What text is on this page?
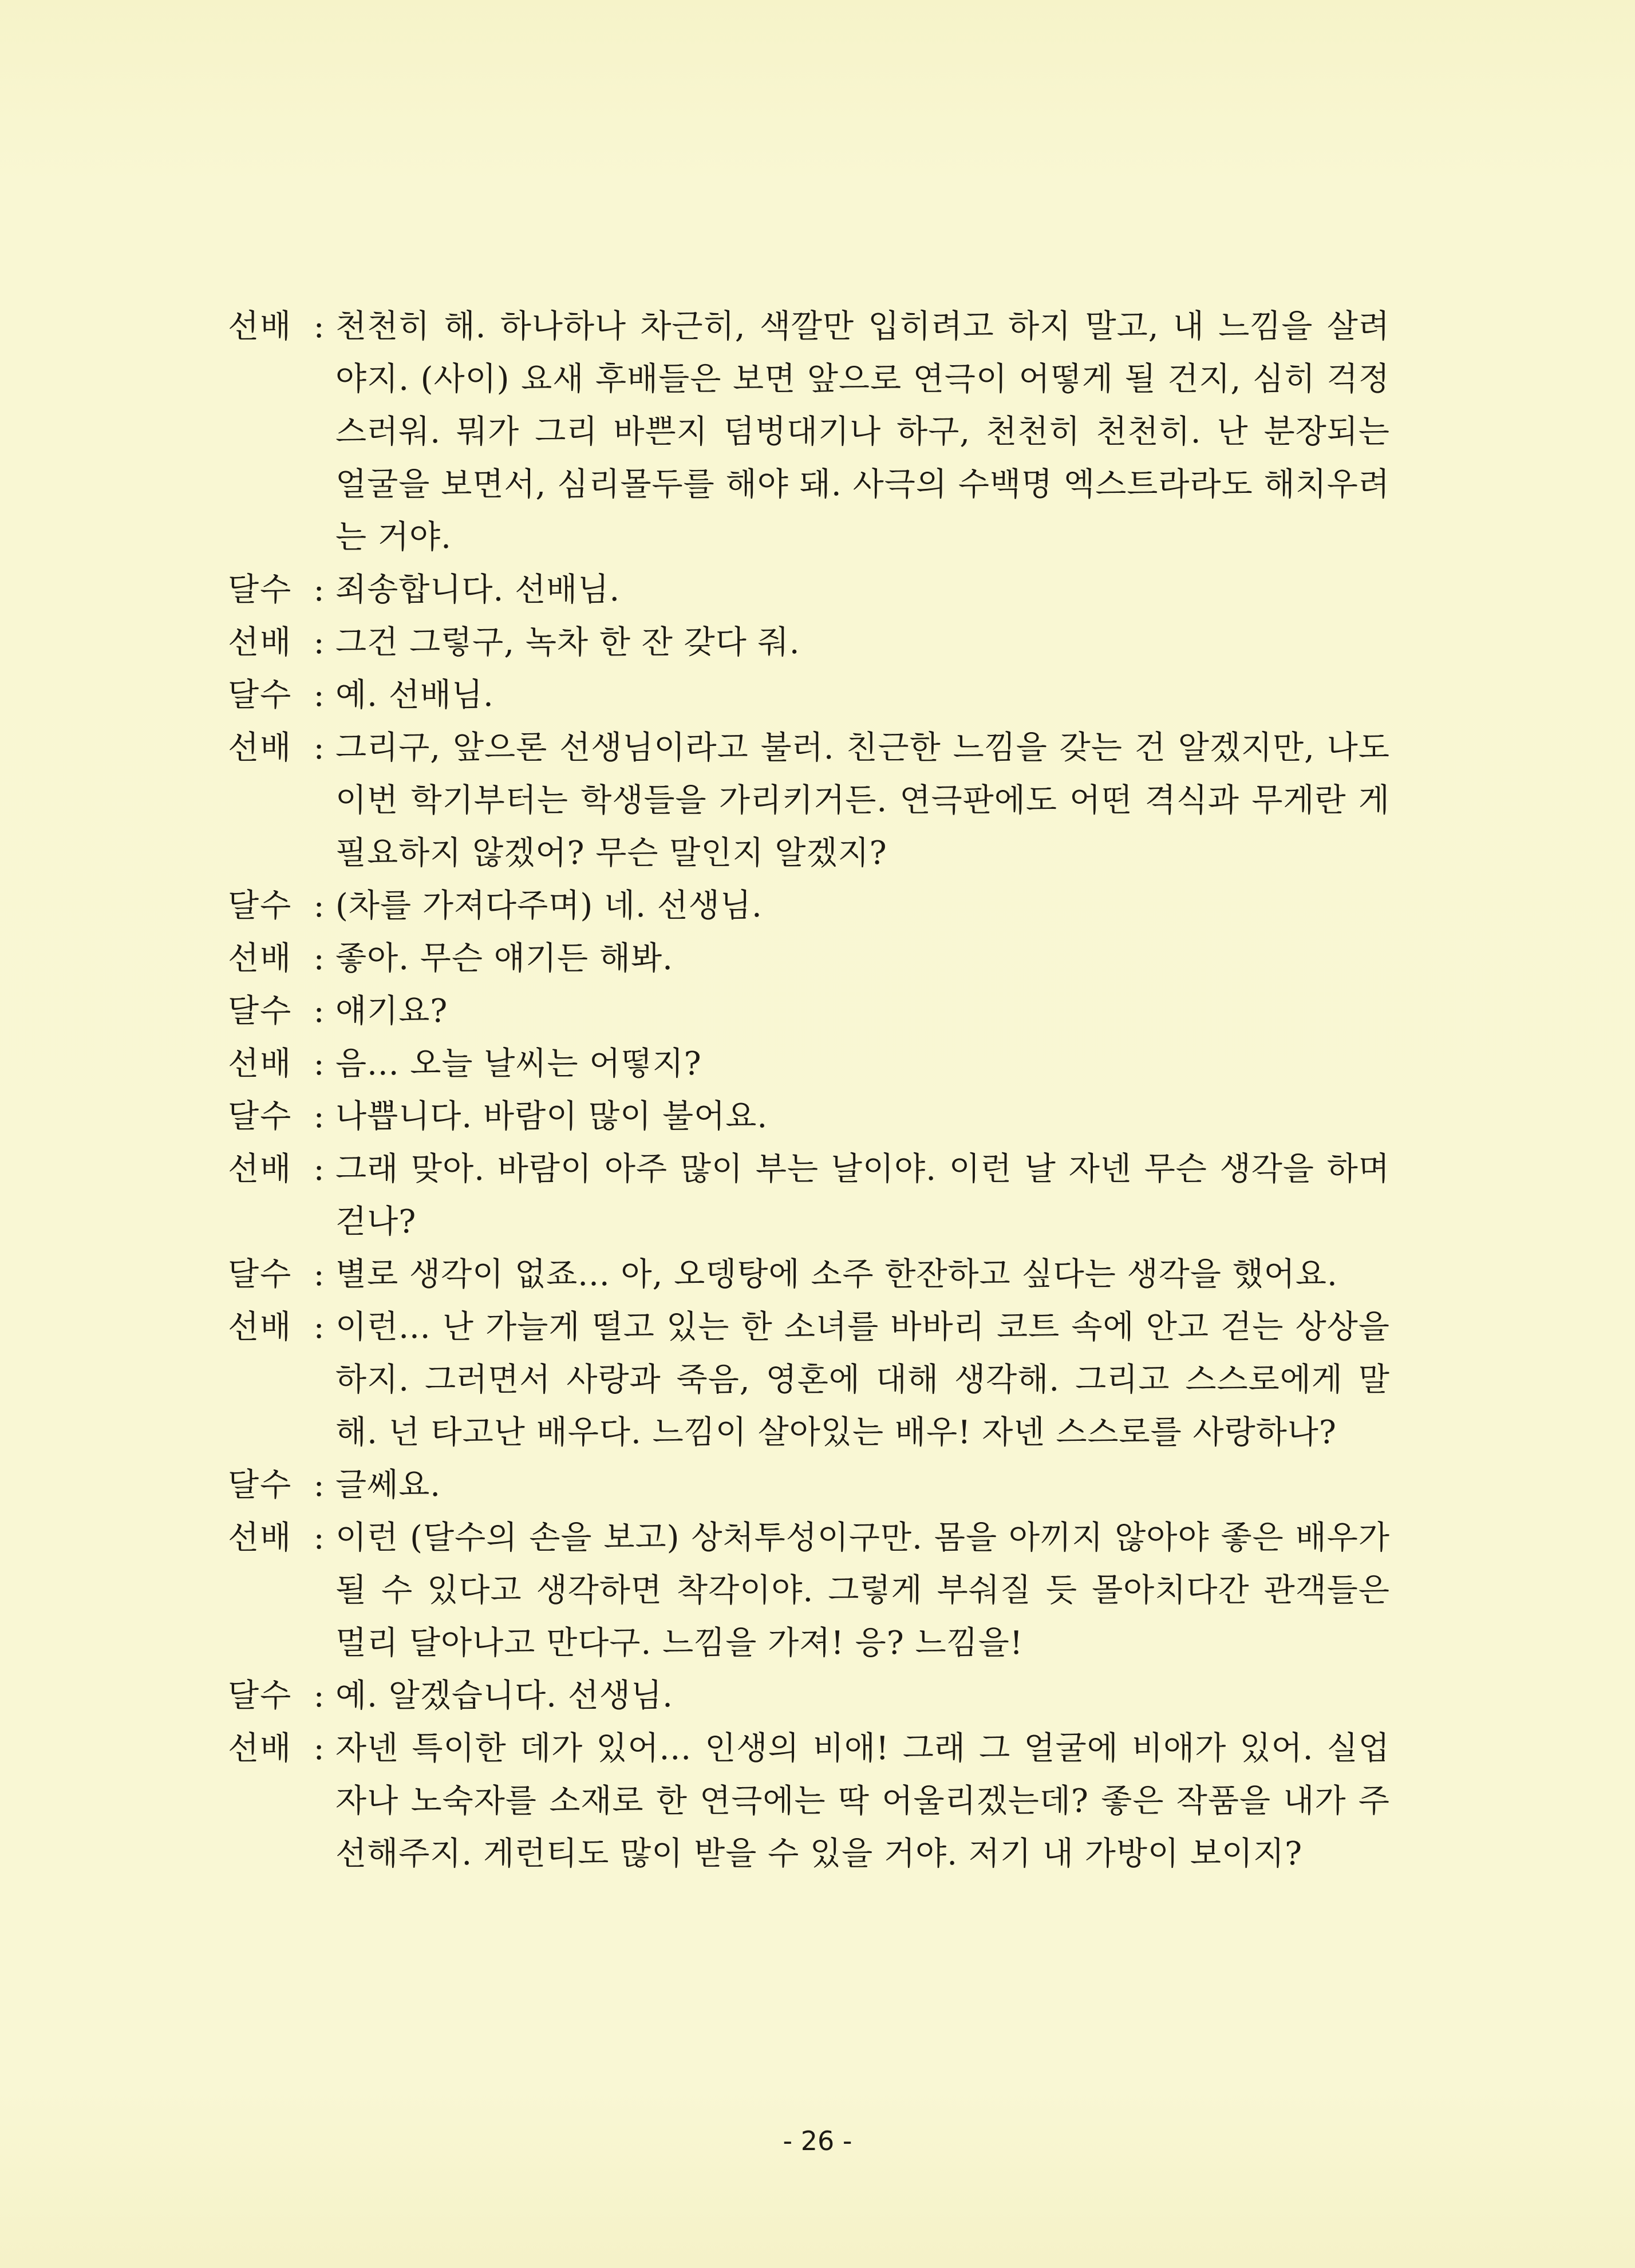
선배 : 천천히 해. 하나하나 차근히, 색깔만 입히려고 하지 말고, 내 느낌을 살려야지. (사이) 요새 후배들은 보면 앞으로 연극이 어떻게 될 건지, 심히 걱정스러워. 뭐가 그리 바쁜지 덤벙대기나 하구, 천천히 천천히. 난 분장되는 얼굴을 보면서, 심리몰두를 해야 돼. 사극의 수백명 엑스트라라도 해치우려는 거야.
달수 : 죄송합니다. 선배님.
선배 : 그건 그렇구, 녹차 한 잔 갖다 줘.
달수 : 예. 선배님.
선배 : 그리구, 앞으론 선생님이라고 불러. 친근한 느낌을 갖는 건 알겠지만, 나도 이번 학기부터는 학생들을 가리키거든. 연극판에도 어떤 격식과 무게란 게 필요하지 않겠어? 무슨 말인지 알겠지?
달수 : (차를 가져다주며) 네. 선생님.
선배 : 좋아. 무슨 얘기든 해봐.
달수 : 얘기요?
선배 : 음... 오늘 날씨는 어떻지?
달수 : 나쁩니다. 바람이 많이 불어요.
선배 : 그래 맞아. 바람이 아주 많이 부는 날이야. 이런 날 자넨 무슨 생각을 하며 걷나?
달수 : 별로 생각이 없죠... 아, 오뎅탕에 소주 한잔하고 싶다는 생각을 했어요.
선배 : 이런... 난 가늘게 떨고 있는 한 소녀를 바바리 코트 속에 안고 걷는 상상을 하지. 그러면서 사랑과 죽음, 영혼에 대해 생각해. 그리고 스스로에게 말해. 넌 타고난 배우다. 느낌이 살아있는 배우! 자넨 스스로를 사랑하나?
달수 : 글쎄요.
선배 : 이런 (달수의 손을 보고) 상처투성이구만. 몸을 아끼지 않아야 좋은 배우가 될 수 있다고 생각하면 착각이야. 그렇게 부숴질 듯 몰아치다간 관객들은 멀리 달아나고 만다구. 느낌을 가져! 응? 느낌을!
달수 : 예. 알겠습니다. 선생님.
선배 : 자넨 특이한 데가 있어... 인생의 비애! 그래 그 얼굴에 비애가 있어. 실업자나 노숙자를 소재로 한 연극에는 딱 어울리겠는데? 좋은 작품을 내가 주선해주지. 게런티도 많이 받을 수 있을 거야. 저기 내 가방이 보이지?
- 26 -
